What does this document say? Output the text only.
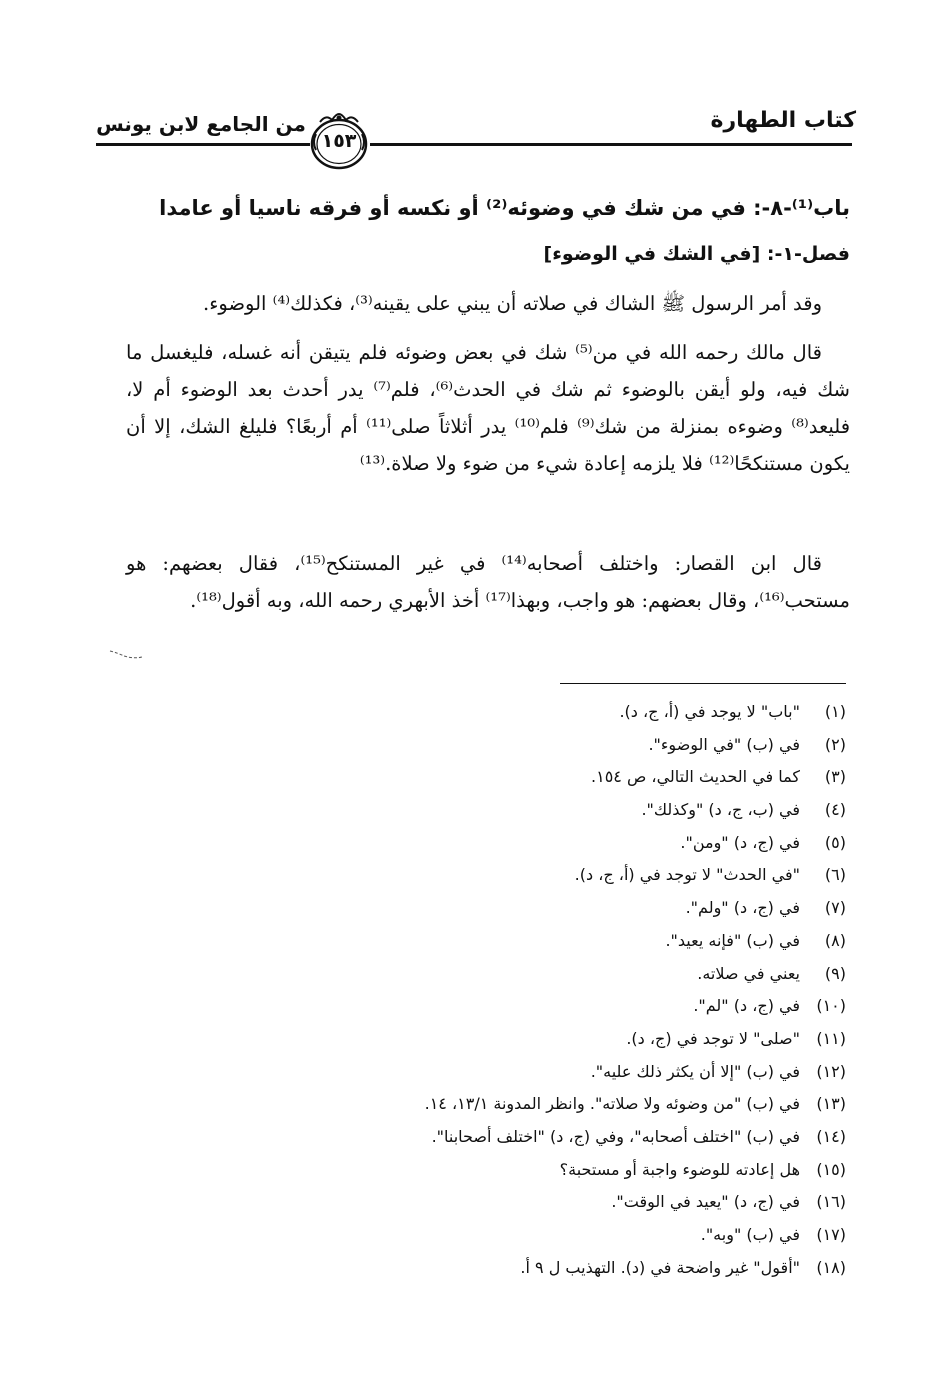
كتاب الطهارة
من الجامع لابن يونس
١٥٣
باب⁽¹⁾-٨-: في من شك في وضوئه⁽²⁾ أو نكسه أو فرقه ناسيا أو عامدا
فصل-١-: [في الشك في الوضوء]

وقد أمر الرسول ﷺ الشاك في صلاته أن يبني على يقينه⁽³⁾، فكذلك⁽⁴⁾ الوضوء.

قال مالك رحمه الله في من⁽⁵⁾ شك في بعض وضوئه فلم يتيقن أنه غسله، فليغسل ما شك فيه، ولو أيقن بالوضوء ثم شك في الحدث⁽⁶⁾، فلم⁽⁷⁾ يدر أحدث بعد الوضوء أم لا، فليعد⁽⁸⁾ وضوءه بمنزلة من شك⁽⁹⁾ فلم⁽¹⁰⁾ يدر أثلاثاً صلى⁽¹¹⁾ أم أربعًا؟ فليلغ الشك، إلا أن يكون مستنكحًا⁽¹²⁾ فلا يلزمه إعادة شيء من ضوء ولا صلاة.⁽¹³⁾

قال ابن القصار: واختلف أصحابه⁽¹⁴⁾ في غير المستنكح⁽¹⁵⁾، فقال بعضهم: هو مستحب⁽¹⁶⁾، وقال بعضهم: هو واجب، وبهذا⁽¹⁷⁾ أخذ الأبهري رحمه الله، وبه أقول⁽¹⁸⁾.

(١)"باب" لا يوجد في (أ، ج، د).
(٢)في (ب) "في الوضوء".
(٣)كما في الحديث التالي، ص ١٥٤.
(٤)في (ب، ج، د) "وكذلك".
(٥)في (ج، د) "ومن".
(٦)"في الحدث" لا توجد في (أ، ج، د).
(٧)في (ج، د) "ولم".
(٨)في (ب) "فإنه يعيد".
(٩)يعني في صلاته.
(١٠)في (ج، د) "لم".
(١١)"صلى" لا توجد في (ج، د).
(١٢)في (ب) "إلا أن يكثر ذلك عليه".
(١٣)في (ب) "من وضوئه ولا صلاته". وانظر المدونة ١٣/١، ١٤.
(١٤)في (ب) "اختلف أصحابه"، وفي (ج، د) "اختلف أصحابنا".
(١٥)هل إعادته للوضوء واجبة أو مستحبة؟
(١٦)في (ج، د) "يعيد في الوقت".
(١٧)في (ب) "وبه".
(١٨)"أقول" غير واضحة في (د). التهذيب ل ٩ أ.
